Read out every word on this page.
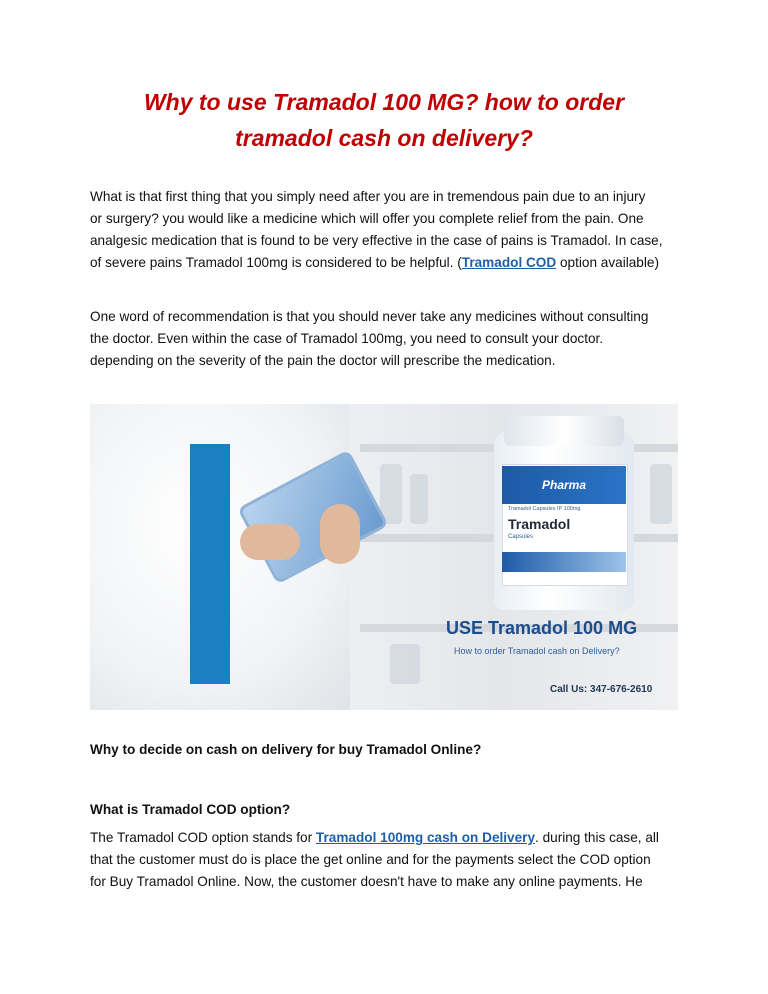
Why to use Tramadol 100 MG? how to order
tramadol cash on delivery?
What is that first thing that you simply need after you are in tremendous pain due to an injury
or surgery? you would like a medicine which will offer you complete relief from the pain. One
analgesic medication that is found to be very effective in the case of pains is Tramadol. In case,
of severe pains Tramadol 100mg is considered to be helpful. (Tramadol COD option available)
One word of recommendation is that you should never take any medicines without consulting
the doctor. Even within the case of Tramadol 100mg, you need to consult your doctor.
depending on the severity of the pain the doctor will prescribe the medication.
Pharma
Tramadol Capsules IP 100mg
Tramadol
Capsules
Pack of 100 Capsules
USE Tramadol 100 MG
How to order Tramadol cash on Delivery?
Call Us: 347-676-2610
Why to decide on cash on delivery for buy Tramadol Online?
What is Tramadol COD option?
The Tramadol COD option stands for Tramadol 100mg cash on Delivery. during this case, all
that the customer must do is place the get online and for the payments select the COD option
for Buy Tramadol Online. Now, the customer doesn't have to make any online payments. He
